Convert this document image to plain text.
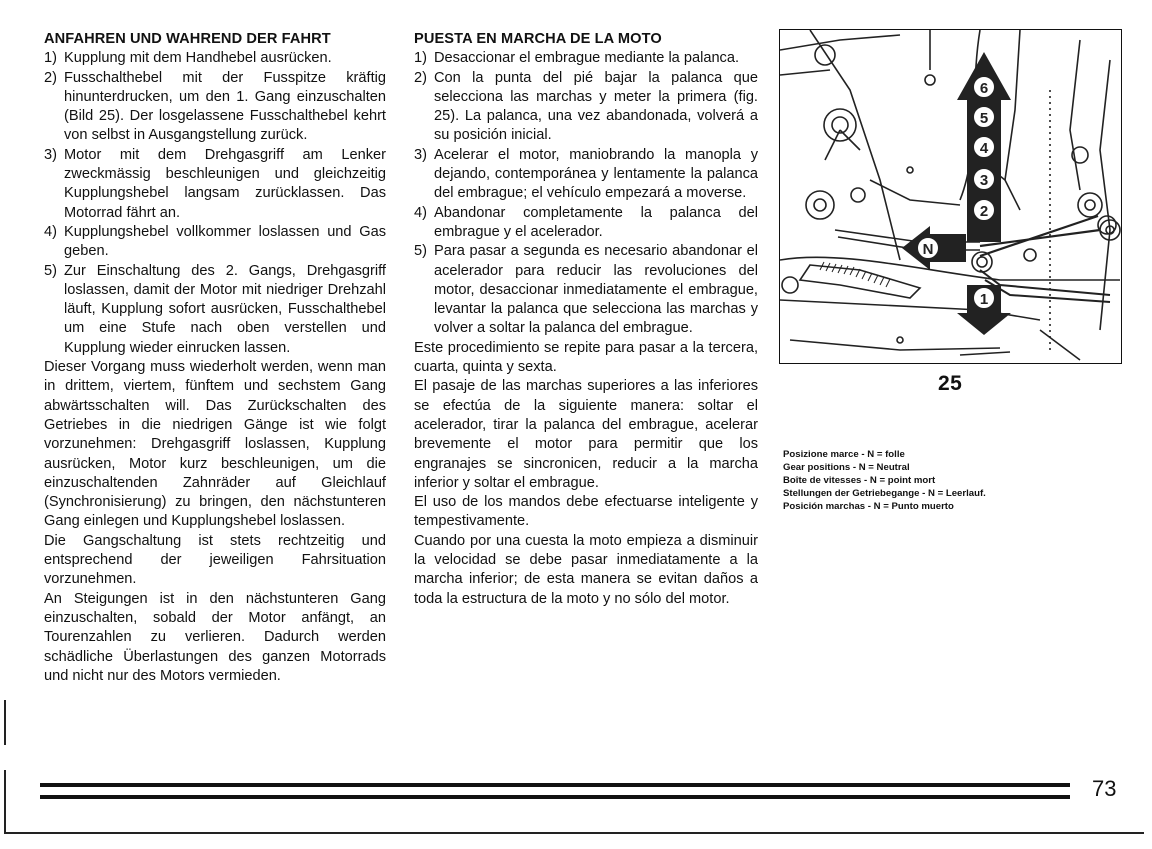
ANFAHREN UND WAHREND DER FAHRT
1) Kupplung mit dem Handhebel ausrücken.
2) Fusschalthebel mit der Fusspitze kräftig hinunterdrucken, um den 1. Gang einzuschalten (Bild 25). Der losgelassene Fusschalthebel kehrt von selbst in Ausgangstellung zurück.
3) Motor mit dem Drehgasgriff am Lenker zweckmässig beschleunigen und gleichzeitig Kupplungshebel langsam zurücklassen. Das Motorrad fährt an.
4) Kupplungshebel vollkommer loslassen und Gas geben.
5) Zur Einschaltung des 2. Gangs, Drehgasgriff loslassen, damit der Motor mit niedriger Drehzahl läuft, Kupplung sofort ausrücken, Fusschalthebel um eine Stufe nach oben verstellen und Kupplung wieder einrucken lassen.
Dieser Vorgang muss wiederholt werden, wenn man in drittem, viertem, fünftem und sechstem Gang abwärtsschalten will. Das Zurückschalten des Getriebes in die niedrigen Gänge ist wie folgt vorzunehmen: Drehgasgriff loslassen, Kupplung ausrücken, Motor kurz beschleunigen, um die einzuschaltenden Zahnräder auf Gleichlauf (Synchronisierung) zu bringen, den nächstunteren Gang einlegen und Kupplungshebel loslassen.
Die Gangschaltung ist stets rechtzeitig und entsprechend der jeweiligen Fahrsituation vorzunehmen.
An Steigungen ist in den nächstunteren Gang einzuschalten, sobald der Motor anfängt, an Tourenzahlen zu verlieren. Dadurch werden schädliche Überlastungen des ganzen Motorrads und nicht nur des Motors vermieden.
PUESTA EN MARCHA DE LA MOTO
1) Desaccionar el embrague mediante la palanca.
2) Con la punta del pié bajar la palanca que selecciona las marchas y meter la primera (fig. 25). La palanca, una vez abandonada, volverá a su posición inicial.
3) Acelerar el motor, maniobrando la manopla y dejando, contemporánea y lentamente la palanca del embrague; el vehículo empezará a moverse.
4) Abandonar completamente la palanca del embrague y el acelerador.
5) Para pasar a segunda es necesario abandonar el acelerador para reducir las revoluciones del motor, desaccionar inmediatamente el embrague, levantar la palanca que selecciona las marchas y volver a soltar la palanca del embrague.
Este procedimiento se repite para pasar a la tercera, cuarta, quinta y sexta.
El pasaje de las marchas superiores a las inferiores se efectúa de la siguiente manera: soltar el acelerador, tirar la palanca del embrague, acelerar brevemente el motor para permitir que los engranajes se sincronicen, reducir a la marcha inferior y soltar el embrague.
El uso de los mandos debe efectuarse inteligente y tempestivamente.
Cuando por una cuesta la moto empieza a disminuir la velocidad se debe pasar inmediatamente a la marcha inferior; de esta manera se evitan daños a toda la estructura de la moto y no sólo del motor.
6
5
4
3
2
N
1
25
Posizione marce - N = folle
Gear positions - N = Neutral
Boîte de vitesses - N = point mort
Stellungen der Getriebegange - N = Leerlauf.
Posición marchas - N = Punto muerto
73
